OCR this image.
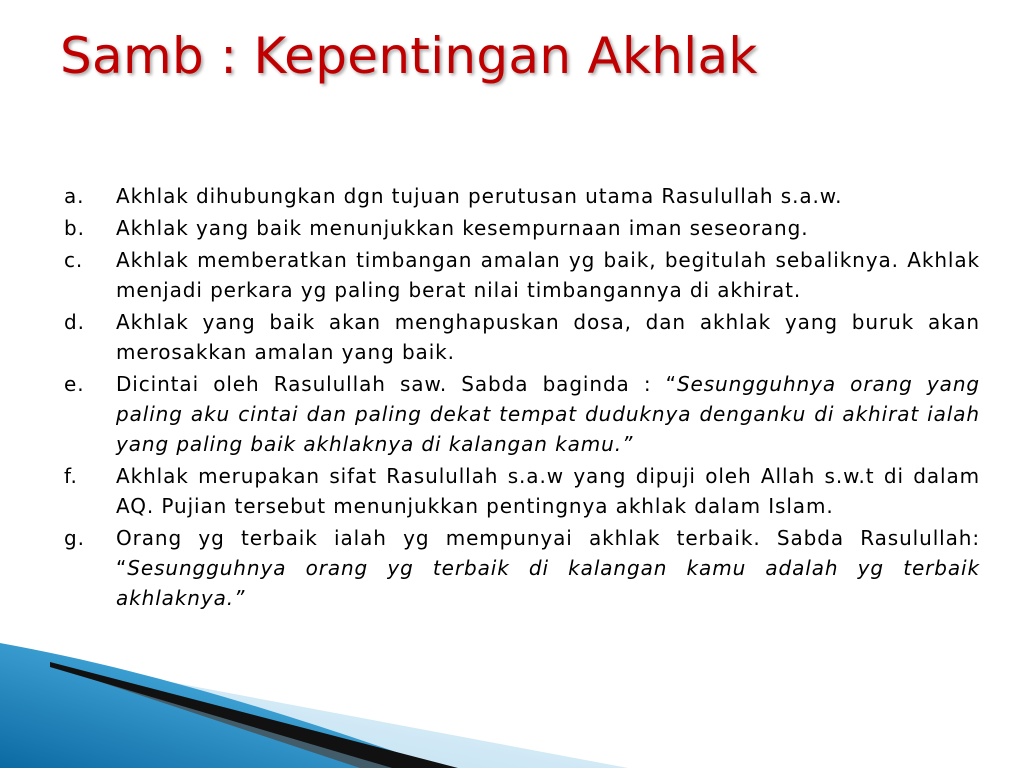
Samb : Kepentingan Akhlak
a.	Akhlak dihubungkan dgn tujuan perutusan utama Rasulullah s.a.w.
b.	Akhlak yang baik menunjukkan kesempurnaan iman seseorang.
c.	Akhlak memberatkan timbangan amalan yg baik, begitulah sebaliknya. Akhlak menjadi perkara yg paling berat nilai timbangannya di akhirat.
d.	Akhlak yang baik akan menghapuskan dosa, dan akhlak yang buruk akan merosakkan amalan yang baik.
e.	Dicintai oleh Rasulullah saw. Sabda baginda : “Sesungguhnya orang yang paling aku cintai dan paling dekat tempat duduknya denganku di akhirat ialah yang paling baik akhlaknya di kalangan kamu.”
f.	Akhlak merupakan sifat Rasulullah s.a.w yang dipuji oleh Allah s.w.t di dalam AQ. Pujian tersebut menunjukkan pentingnya akhlak dalam Islam.
g.	Orang yg terbaik ialah yg mempunyai akhlak terbaik. Sabda Rasulullah: “Sesungguhnya orang yg terbaik di kalangan kamu adalah yg terbaik akhlaknya.”
